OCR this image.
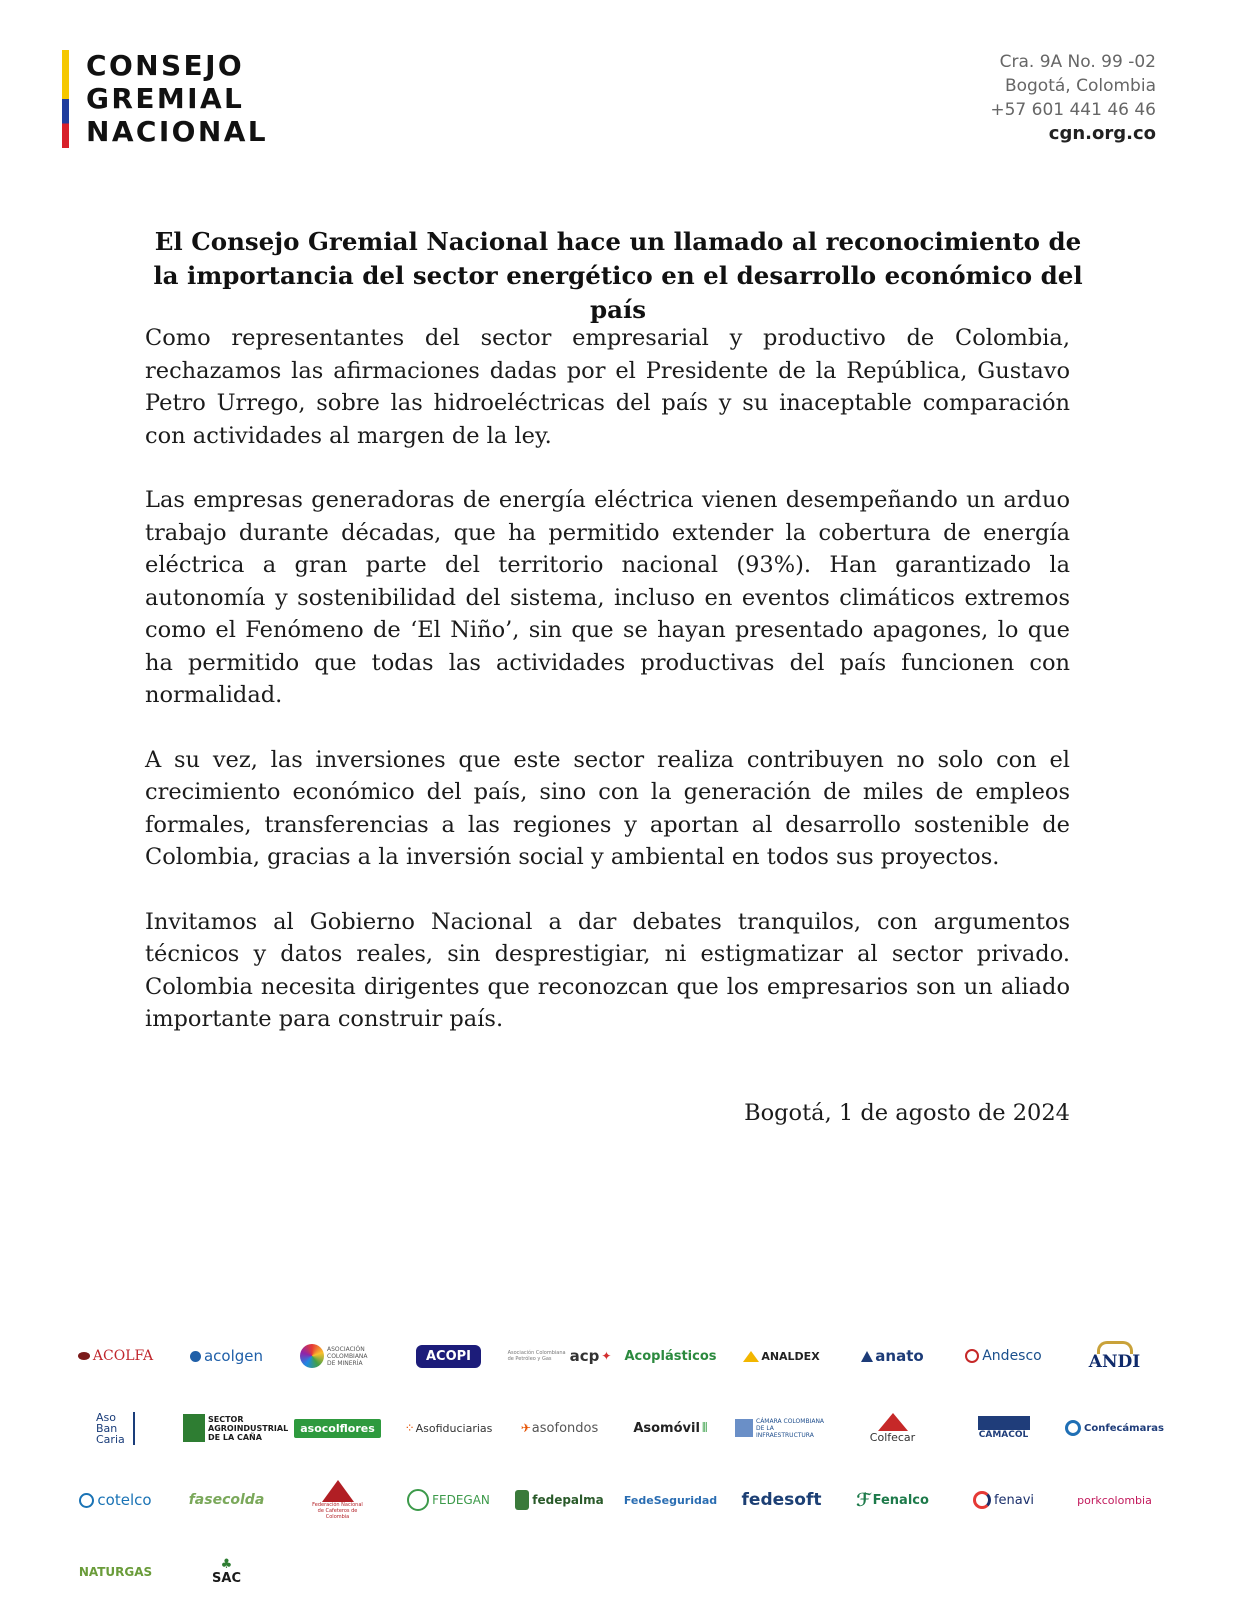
CONSEJO
GREMIAL
NACIONAL
Cra. 9A No. 99 -02
Bogotá, Colombia
+57 601 441 46 46
cgn.org.co
El Consejo Gremial Nacional hace un llamado al reconocimiento de la importancia del sector energético en el desarrollo económico del país

Como representantes del sector empresarial y productivo de Colombia, rechazamos las afirmaciones dadas por el Presidente de la República, Gustavo Petro Urrego, sobre las hidroeléctricas del país y su inaceptable comparación con actividades al margen de la ley.

Las empresas generadoras de energía eléctrica vienen desempeñando un arduo trabajo durante décadas, que ha permitido extender la cobertura de energía eléctrica a gran parte del territorio nacional (93%). Han garantizado la autonomía y sostenibilidad del sistema, incluso en eventos climáticos extremos como el Fenómeno de ‘El Niño’, sin que se hayan presentado apagones, lo que ha permitido que todas las actividades productivas del país funcionen con normalidad.

A su vez, las inversiones que este sector realiza contribuyen no solo con el crecimiento económico del país, sino con la generación de miles de empleos formales, transferencias a las regiones y aportan al desarrollo sostenible de Colombia, gracias a la inversión social y ambiental en todos sus proyectos.

Invitamos al Gobierno Nacional a dar debates tranquilos, con argumentos técnicos y datos reales, sin desprestigiar, ni estigmatizar al sector privado. Colombia necesita dirigentes que reconozcan que los empresarios son un aliado importante para construir país.

Bogotá, 1 de agosto de 2024
ACOLFA	acolgen	ASOCIACIÓN COLOMBIANA DE MINERÍA	ACOPI	Asociación Colombiana
de Petróleo y Gas	acp ✦ Acoplásticos	ANALDEX	anato	Andesco	ANDI
Aso Ban Caria
SECTOR AGROINDUSTRIAL DE LA CAÑA
asocolflores	⁘ Asofiduciarias ✈ asofondos	Asomóvil ⦀	CÁMARA COLOMBIANA DE LA INFRAESTRUCTURA	Colfecar	CAMACOL
Confecámaras
cotelco	fasecolda	Federación Nacional de Cafeteros de Colombia
FEDEGAN	fedepalma FedeSeguridad fedesoft ℱ Fenalco	fenavi	porkcolombia
NATURGAS	♣
SAC
